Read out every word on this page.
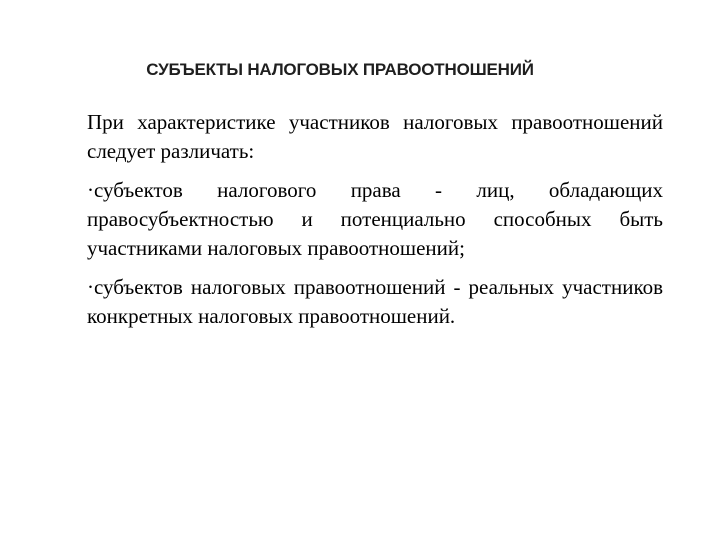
СУБЪЕКТЫ НАЛОГОВЫХ ПРАВООТНОШЕНИЙ

При характеристике участников налоговых правоотношений следует различать:

·субъектов налогового права - лиц, обладающих правосубъектностью и потенциально способных быть участниками налоговых правоотношений;

·субъектов налоговых правоотношений - реальных участников конкретных налоговых правоотношений.
